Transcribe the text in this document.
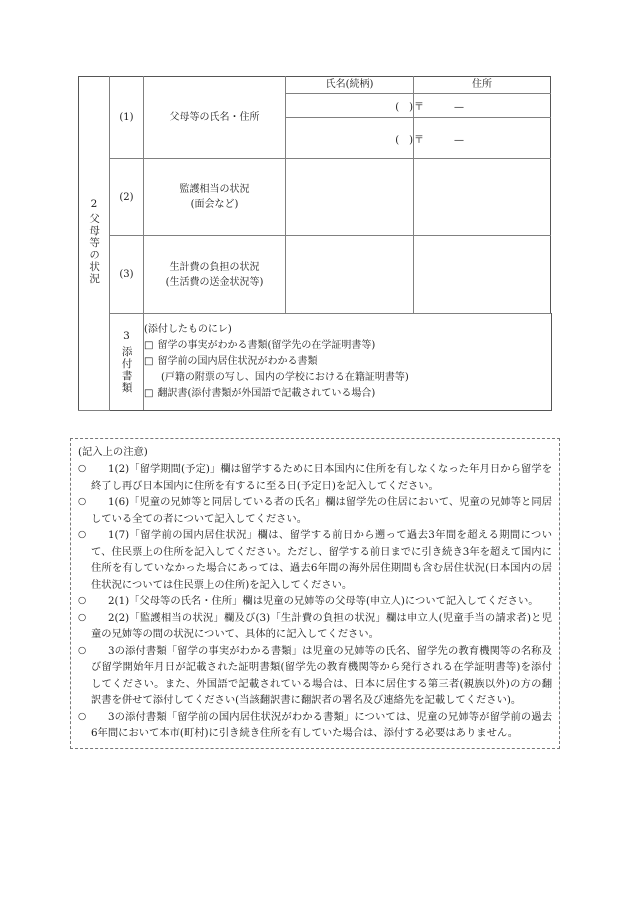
2
父母等の状況	(1)	父母等の氏名・住所	氏名(続柄)	住所
			(　)	〒 —
			(　)	〒 —
	(2)	監護相当の状況
(面会など)		

	(3)	生計費の負担の状況
(生活費の送金状況等)		

3
添付書類

(添付したものにレ)
□ 留学の事実がわかる書類(留学先の在学証明書等)
□ 留学前の国内居住状況がわかる書類
(戸籍の附票の写し、国内の学校における在籍証明書等)
□ 翻訳書(添付書類が外国語で記載されている場合)
(記入上の注意)
○	1(2)「留学期間(予定)」欄は留学するために日本国内に住所を有しなくなった年月日から留学を終了し再び日本国内に住所を有するに至る日(予定日)を記入してください。
○	1(6)「児童の兄姉等と同居している者の氏名」欄は留学先の住居において、児童の兄姉等と同居している全ての者について記入してください。
○	1(7)「留学前の国内居住状況」欄は、留学する前日から遡って過去3年間を超える期間について、住民票上の住所を記入してください。ただし、留学する前日までに引き続き3年を超えて国内に住所を有していなかった場合にあっては、過去6年間の海外居住期間も含む居住状況(日本国内の居住状況については住民票上の住所)を記入してください。
○	2(1)「父母等の氏名・住所」欄は児童の兄姉等の父母等(申立人)について記入してください。
○	2(2)「監護相当の状況」欄及び(3)「生計費の負担の状況」欄は申立人(児童手当の請求者)と児童の兄姉等の間の状況について、具体的に記入してください。
○	3の添付書類「留学の事実がわかる書類」は児童の兄姉等の氏名、留学先の教育機関等の名称及び留学開始年月日が記載された証明書類(留学先の教育機関等から発行される在学証明書等)を添付してください。また、外国語で記載されている場合は、日本に居住する第三者(親族以外)の方の翻訳書を併せて添付してください(当該翻訳書に翻訳者の署名及び連絡先を記載してください)。
○	3の添付書類「留学前の国内居住状況がわかる書類」については、児童の兄姉等が留学前の過去6年間において本市(町村)に引き続き住所を有していた場合は、添付する必要はありません。
